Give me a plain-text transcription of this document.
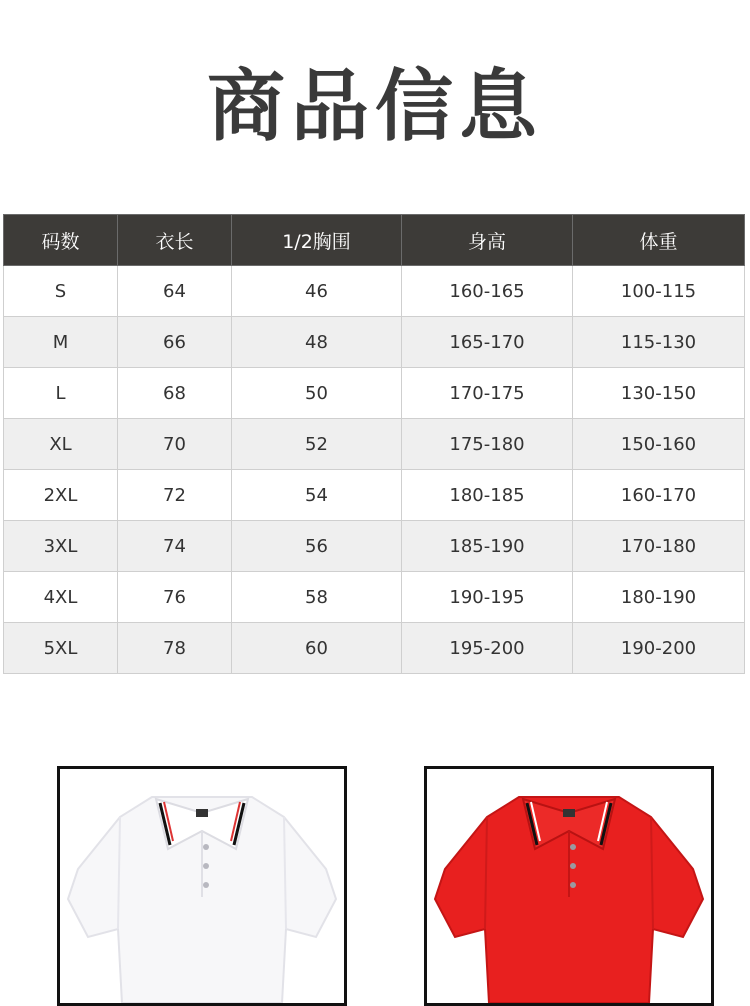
商品信息
码数	衣长	1/2胸围	身高	体重
S	64	46	160-165	100-115
M	66	48	165-170	115-130
L	68	50	170-175	130-150
XL	70	52	175-180	150-160
2XL	72	54	180-185	160-170
3XL	74	56	185-190	170-180
4XL	76	58	190-195	180-190
5XL	78	60	195-200	190-200
